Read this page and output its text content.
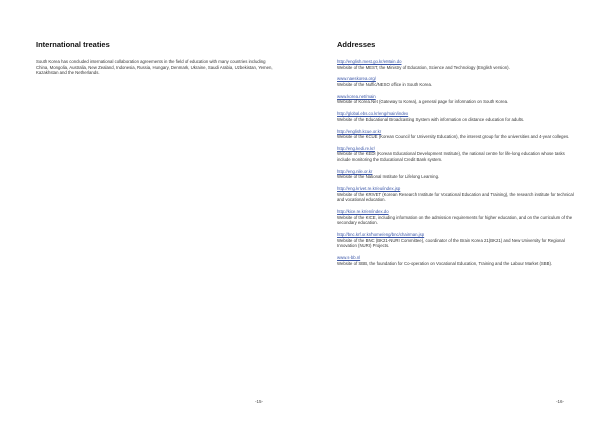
International treaties

South Korea has concluded international collaboration agreements in the field of education with many countries including China, Mongolia, Australia, New Zealand, Indonesia, Russia, Hungary, Denmark, Ukraine, Saudi Arabia, Uzbekistan, Yemen, Kazakhstan and the Netherlands.

-15-
Addresses
http://english.mest.go.kr/eMain.do
Website of the MEST, the Ministry of Education, Science and Technology (English version).
www.naeskorea.org/
Website of the Nuffic/NESO office in South Korea.
www.korea.net/main
Website of Korea.Net (Gateway to Korea), a general page for information on South Korea.
http://global.ebs.co.kr/eng/main/index
Website of the Educational Broadcasting System with information on distance education for adults.
http://english.kcue.or.kr
Website of the KCUE (Korean Council for University Education), the interest group for the universities and 4-year colleges.
http://eng.kedi.re.kr/
Website of the KEDI (Korean Educational Development Institute), the national centre for life-long education whose tasks include monitoring the Educational Credit Bank system.
http://eng.nile.or.kr
Website of the National Institute for Lifelong Learning.
http://eng.krivet.re.kr/eu/index.jsp
Website of the KRIVET (Korean Research Institute for Vocational Education and Training), the research institute for technical and vocational education.
http://kice.re.kr/en/index.do
Website of the KICE, including information on the admission requirements for higher education, and on the curriculum of the secondary education.
http://bnc.krf.or.kr/home/eng/bnc/chairman.jsp
Website of the BNC (BK21-NURI Committee), coordinator of the Brain Korea 21(BK21) and New University for Regional Innovation (NURI) Projects.
www.s-bb.nl
Website of SBB, the foundation for Co-operation on Vocational Education, Training and the Labour Market (SBB).
-16-
